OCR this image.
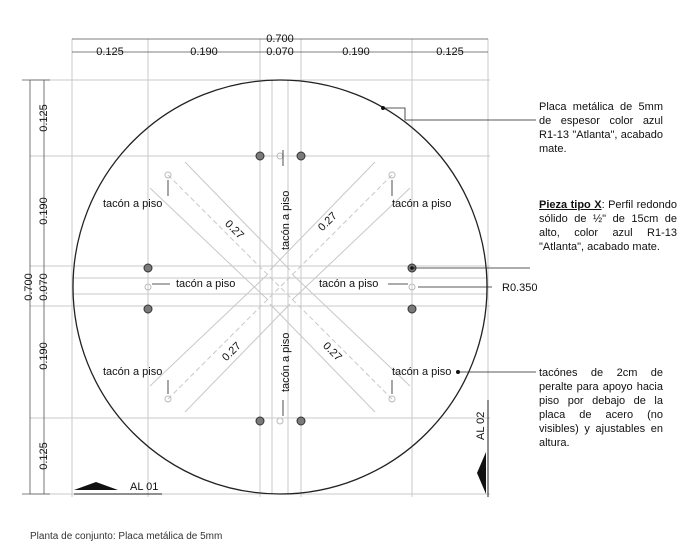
0.700
0.125	0.190	0.070	0.190	0.125
0.700
0.125
0.190
0.070
0.190
0.125
0.27	0.27
0.27	0.27
tacón a piso	tacón a piso
tacón a piso	tacón a piso
tacón a piso	tacón a piso
tacón a piso
tacón a piso
R0.350
AL 01
AL 02
Placa metálica de 5mm de espesor color azul R1-13 "Atlanta", acabado mate.
Pieza tipo X: Perfil redondo sólido de ½" de 15cm de alto, color azul R1-13 "Atlanta", acabado mate.
tacónes de 2cm de peralte para apoyo hacia piso por debajo de la placa de acero (no visibles) y ajustables en altura.
Planta de conjunto: Placa metálica de 5mm
